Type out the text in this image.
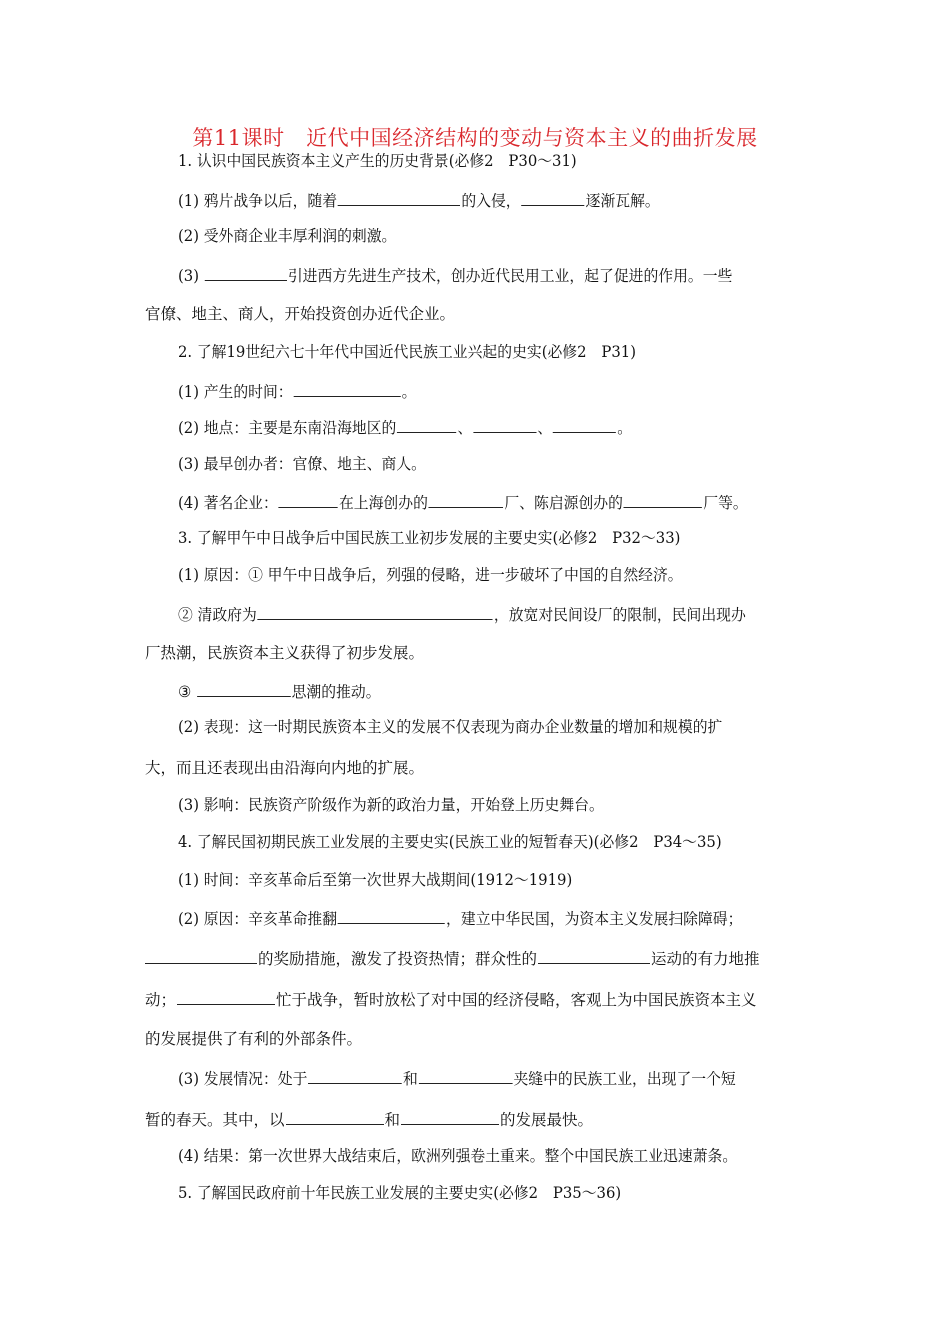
第11课时　近代中国经济结构的变动与资本主义的曲折发展
1. 认识中国民族资本主义产生的历史背景(必修2　P30～31)
(1) 鸦片战争以后，随着	的入侵，	逐渐瓦解。
(2) 受外商企业丰厚利润的刺激。
(3)	引进西方先进生产技术，创办近代民用工业，起了促进的作用。一些
官僚、地主、商人，开始投资创办近代企业。
2. 了解19世纪六七十年代中国近代民族工业兴起的史实(必修2　P31)
(1) 产生的时间：	。
(2) 地点：主要是东南沿海地区的	、	、	。
(3) 最早创办者：官僚、地主、商人。
(4) 著名企业：	在上海创办的	厂、陈启源创办的	厂等。
3. 了解甲午中日战争后中国民族工业初步发展的主要史实(必修2　P32～33)
(1) 原因：① 甲午中日战争后，列强的侵略，进一步破坏了中国的自然经济。
② 清政府为	，放宽对民间设厂的限制，民间出现办
厂热潮，民族资本主义获得了初步发展。
③	思潮的推动。
(2) 表现：这一时期民族资本主义的发展不仅表现为商办企业数量的增加和规模的扩
大，而且还表现出由沿海向内地的扩展。
(3) 影响：民族资产阶级作为新的政治力量，开始登上历史舞台。
4. 了解民国初期民族工业发展的主要史实(民族工业的短暂春天)(必修2　P34～35)
(1) 时间：辛亥革命后至第一次世界大战期间(1912～1919)
(2) 原因：辛亥革命推翻	，建立中华民国，为资本主义发展扫除障碍；
的奖励措施，激发了投资热情；群众性的	运动的有力地推
动；	忙于战争，暂时放松了对中国的经济侵略，客观上为中国民族资本主义
的发展提供了有利的外部条件。
(3) 发展情况：处于	和	夹缝中的民族工业，出现了一个短
暂的春天。其中，以	和	的发展最快。
(4) 结果：第一次世界大战结束后，欧洲列强卷土重来。整个中国民族工业迅速萧条。
5. 了解国民政府前十年民族工业发展的主要史实(必修2　P35～36)
